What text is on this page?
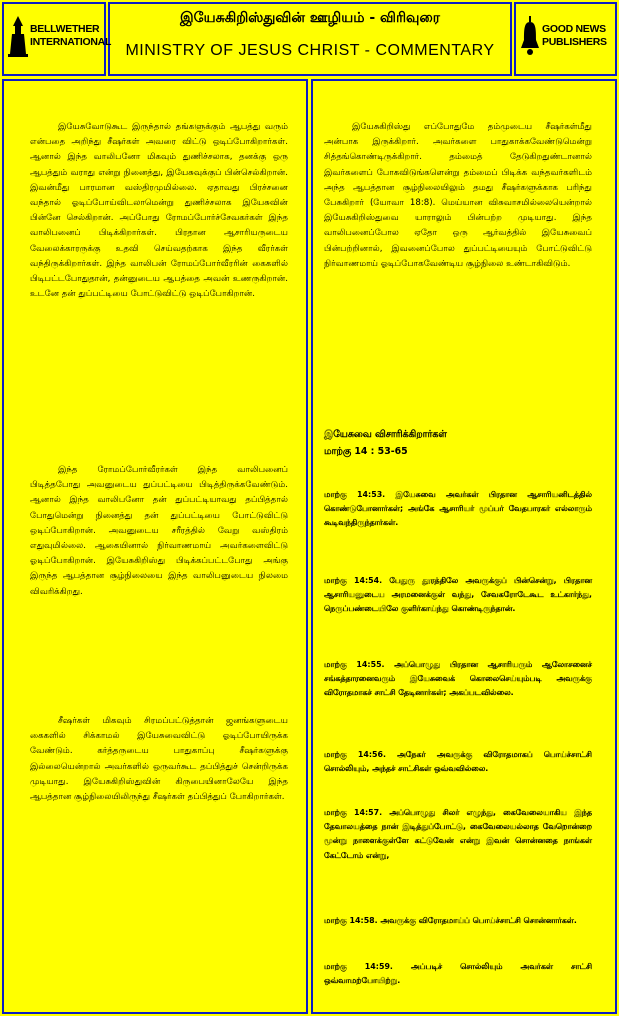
BELLWETHER
INTERNATIONAL
இயேசுகிறிஸ்துவின் ஊழியம் - விரிவுரை
MINISTRY OF JESUS CHRIST - COMMENTARY
GOOD NEWS
PUBLISHERS

இயேசுவோடுகூட இருந்தால் தங்களுக்கும் ஆபத்து வரும் என்பதை அறிந்து சீஷர்கள் அவரை விட்டு ஒடிப்போகிறார்கள். ஆனால் இந்த வாலிபனோ மிகவும் துணிச்சலாக, தனக்கு ஒரு ஆபத்தும் வராது என்று நினைத்து, இயேசுவுக்குப் பின்செல்கிறான். இவன்மீது பாரமான வஸ்திரமுமில்லை. ஏதாவது பிரச்சனை வந்தால் ஓடிப்போய்விடலாமென்று துணிச்சலாக இயேசுவின் பின்னே செல்கிறான். அப்போது ரோமப்போர்ச்சேவகர்கள் இந்த வாலிபனைப் பிடிக்கிறார்கள். பிரதான ஆசாரியருடைய வேலைக்காரருக்கு உதவி செய்வதற்காக இந்த வீரர்கள் வந்திருக்கிறார்கள். இந்த வாலிபன் ரோமப்போர்வீரரின் கைகளில் பிடிபட்டபோதுதான், தன்னுடைய ஆபத்தை அவன் உணருகிறான். உடனே தன் துப்பட்டியை போட்டுவிட்டு ஒடிப்போகிறான்.

இந்த ரோமப்போர்வீரர்கள் இந்த வாலிபனைப் பிடித்தபோது அவனுடைய துப்பட்டியை பிடித்திருக்கவேண்டும். ஆனால் இந்த வாலிபனோ தன் துப்பட்டியாவது தப்பித்தால் போதுமென்று நினைத்து தன் துப்பட்டியை போட்டுவிட்டு ஒடிப்போகிறான். அவனுடைய சரீரத்தில் வேறு வஸ்திரம் எதுவுமில்லை. ஆகையினால் நிர்வாணமாய் அவர்களைவிட்டு ஓடிப்போகிறான். இயேசுகிறிஸ்து பிடிக்கப்பட்டபோது அங்கு இருந்த ஆபத்தான சூழ்நிலையை இந்த வாலிபனுடைய நிலமை விவரிக்கிறது.

சீஷர்கள் மிகவும் சிரமப்பட்டுத்தான் ஜனங்களுடைய கைகளில் சிக்காமல் இயேசுவைவிட்டு ஓடிப்போயிருக்க வேண்டும். கர்த்தருடைய பாதுகாப்பு சீஷர்களுக்கு இல்லையென்றால் அவர்களில் ஒருவர்கூட தப்பித்துச் சென்றிருக்க முடியாது. இயேசுகிறிஸ்துவின் கிருபையினாலேயே இந்த ஆபத்தான சூழ்நிலையிலிருந்து சீஷர்கள் தப்பித்துப் போகிறார்கள்.

இயேசுகிறிஸ்து எப்போதுமே தம்முடைய சீஷர்கள்மீது அன்பாக இருக்கிறார். அவர்களை பாதுகாக்கவேண்டுமென்று சித்தங்கொண்டிருக்கிறார். தம்மைத் தேடுகிறதுண்டானால் இவர்களைப் போகவிடுங்களென்று தம்மைப் பிடிக்க வந்தவர்களிடம் அந்த ஆபத்தான சூழ்நிலையிலும் தமது சீஷர்களுக்காக பரிந்து பேசுகிறார் (யோவா 18:8). மெய்யான விசுவாசமில்லையென்றால் இயேசுகிறிஸ்துவை யாராலும் பின்பற்ற முடியாது. இந்த வாலிபனைப்போல ஏதோ ஒரு ஆர்வத்தில் இயேசுவைப் பின்பற்றினால், இவனைப்போல துப்பட்டியையும் போட்டுவிட்டு நிர்வாணமாய் ஓடிப்போகவேண்டிய சூழ்நிலை உண்டாகிவிடும்.

இயேசுவை விசாரிக்கிறார்கள்
மாற்கு 14 : 53-65
மாற்கு 14:53. இயேசுவை அவர்கள் பிரதான ஆசாரியனிடத்தில் கொண்டுபோனார்கள்; அங்கே ஆசாரியர் மூப்பர் வேதபாரகர் எல்லாரும் கூடிவந்திருந்தார்கள்.
மாற்கு 14:54. பேதுரு தூரத்திலே அவருக்குப் பின்சென்று, பிரதான ஆசாரியனுடைய அரமனைக்குள் வந்து, சேவகரோடேகூட உட்கார்ந்து, நெருப்பண்டையிலே குளிர்காய்ந்து கொண்டிருந்தான்.
மாற்கு 14:55. அப்பொழுது பிரதான ஆசாரியரும் ஆலோசனைச் சங்கத்தாரனைவரும் இயேசுவைக் கொலைசெய்யும்படி அவருக்கு விரோதமாகச் சாட்சி தேடினார்கள்; அகப்படவில்லை.
மாற்கு 14:56. அநேகர் அவருக்கு விரோதமாகப் பொய்ச்சாட்சி சொல்லியும், அந்தச் சாட்சிகள் ஒவ்வவில்லை.
மாற்கு 14:57. அப்பொழுது சிலர் எழுந்து, கைவேலையாகிய இந்த தேவாலயத்தை நான் இடித்துப்போட்டு, கைவேலையல்லாத வேறொன்றை மூன்று நாளைக்குள்ளே கட்டுவேன் என்று இவன் சொன்னதை நாங்கள் கேட்டோம் என்று,
மாற்கு 14:58. அவருக்கு விரோதமாய்ப் பொய்ச்சாட்சி சொன்னார்கள்.
மாற்கு 14:59. அப்படிச் சொல்லியும் அவர்கள் சாட்சி ஒவ்வாமற்போயிற்று.
